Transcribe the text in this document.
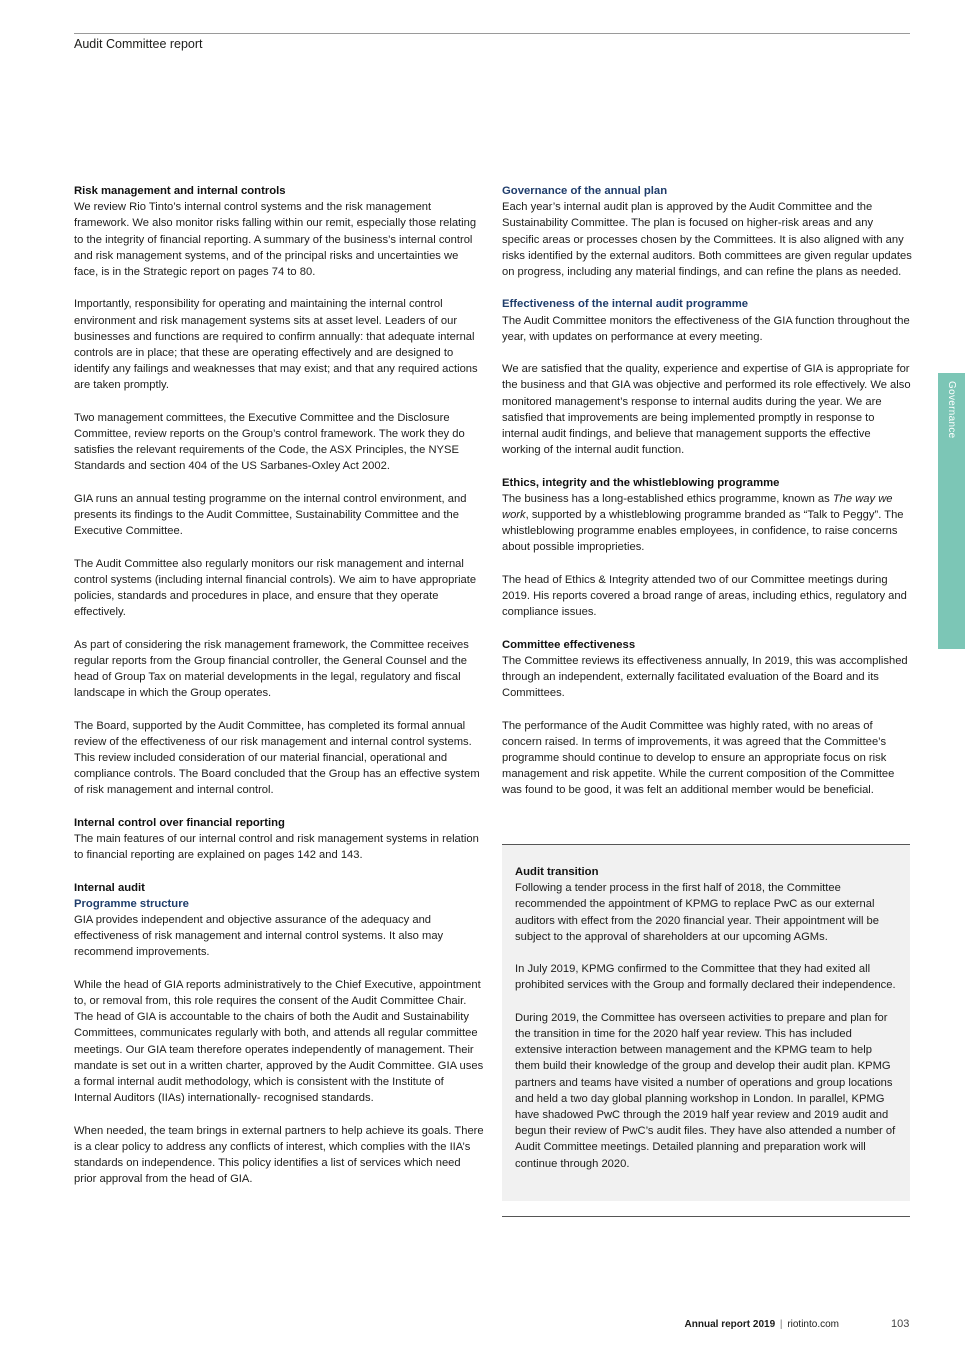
Audit Committee report
Governance
Risk management and internal controls

We review Rio Tinto’s internal control systems and the risk management framework. We also monitor risks falling within our remit, especially those relating to the integrity of financial reporting. A summary of the business’s internal control and risk management systems, and of the principal risks and uncertainties we face, is in the Strategic report on pages 74 to 80.

Importantly, responsibility for operating and maintaining the internal control environment and risk management systems sits at asset level. Leaders of our businesses and functions are required to confirm annually: that adequate internal controls are in place; that these are operating effectively and are designed to identify any failings and weaknesses that may exist; and that any required actions are taken promptly.

Two management committees, the Executive Committee and the Disclosure Committee, review reports on the Group’s control framework. The work they do satisfies the relevant requirements of the Code, the ASX Principles, the NYSE Standards and section 404 of the US Sarbanes-Oxley Act 2002.

GIA runs an annual testing programme on the internal control environment, and presents its findings to the Audit Committee, Sustainability Committee and the Executive Committee.

The Audit Committee also regularly monitors our risk management and internal control systems (including internal financial controls). We aim to have appropriate policies, standards and procedures in place, and ensure that they operate effectively.

As part of considering the risk management framework, the Committee receives regular reports from the Group financial controller, the General Counsel and the head of Group Tax on material developments in the legal, regulatory and fiscal landscape in which the Group operates.

The Board, supported by the Audit Committee, has completed its formal annual review of the effectiveness of our risk management and internal control systems. This review included consideration of our material financial, operational and compliance controls. The Board concluded that the Group has an effective system of risk management and internal control.

Internal control over financial reporting

The main features of our internal control and risk management systems in relation to financial reporting are explained on pages 142 and 143.

Internal audit
Programme structure

GIA provides independent and objective assurance of the adequacy and effectiveness of risk management and internal control systems. It also may recommend improvements.

While the head of GIA reports administratively to the Chief Executive, appointment to, or removal from, this role requires the consent of the Audit Committee Chair. The head of GIA is accountable to the chairs of both the Audit and Sustainability Committees, communicates regularly with both, and attends all regular committee meetings. Our GIA team therefore operates independently of management. Their mandate is set out in a written charter, approved by the Audit Committee. GIA uses a formal internal audit methodology, which is consistent with the Institute of Internal Auditors (IIAs) internationally- recognised standards.

When needed, the team brings in external partners to help achieve its goals. There is a clear policy to address any conflicts of interest, which complies with the IIA’s standards on independence. This policy identifies a list of services which need prior approval from the head of GIA.

Governance of the annual plan

Each year’s internal audit plan is approved by the Audit Committee and the Sustainability Committee. The plan is focused on higher-risk areas and any specific areas or processes chosen by the Committees. It is also aligned with any risks identified by the external auditors. Both committees are given regular updates on progress, including any material findings, and can refine the plans as needed.

Effectiveness of the internal audit programme

The Audit Committee monitors the effectiveness of the GIA function throughout the year, with updates on performance at every meeting.

We are satisfied that the quality, experience and expertise of GIA is appropriate for the business and that GIA was objective and performed its role effectively. We also monitored management’s response to internal audits during the year. We are satisfied that improvements are being implemented promptly in response to internal audit findings, and believe that management supports the effective working of the internal audit function.

Ethics, integrity and the whistleblowing programme

The business has a long-established ethics programme, known as The way we work, supported by a whistleblowing programme branded as “Talk to Peggy”. The whistleblowing programme enables employees, in confidence, to raise concerns about possible improprieties.

The head of Ethics & Integrity attended two of our Committee meetings during 2019. His reports covered a broad range of areas, including ethics, regulatory and compliance issues.

Committee effectiveness

The Committee reviews its effectiveness annually, In 2019, this was accomplished through an independent, externally facilitated evaluation of the Board and its Committees.

The performance of the Audit Committee was highly rated, with no areas of concern raised. In terms of improvements, it was agreed that the Committee’s programme should continue to develop to ensure an appropriate focus on risk management and risk appetite. While the current composition of the Committee was found to be good, it was felt an additional member would be beneficial.

Audit transition

Following a tender process in the first half of 2018, the Committee recommended the appointment of KPMG to replace PwC as our external auditors with effect from the 2020 financial year. Their appointment will be subject to the approval of shareholders at our upcoming AGMs.

In July 2019, KPMG confirmed to the Committee that they had exited all prohibited services with the Group and formally declared their independence.

During 2019, the Committee has overseen activities to prepare and plan for the transition in time for the 2020 half year review. This has included extensive interaction between management and the KPMG team to help them build their knowledge of the group and develop their audit plan. KPMG partners and teams have visited a number of operations and group locations and held a two day global planning workshop in London. In parallel, KPMG have shadowed PwC through the 2019 half year review and 2019 audit and begun their review of PwC’s audit files. They have also attended a number of Audit Committee meetings. Detailed planning and preparation work will continue through 2020.

Annual report 2019 | riotinto.com	103
